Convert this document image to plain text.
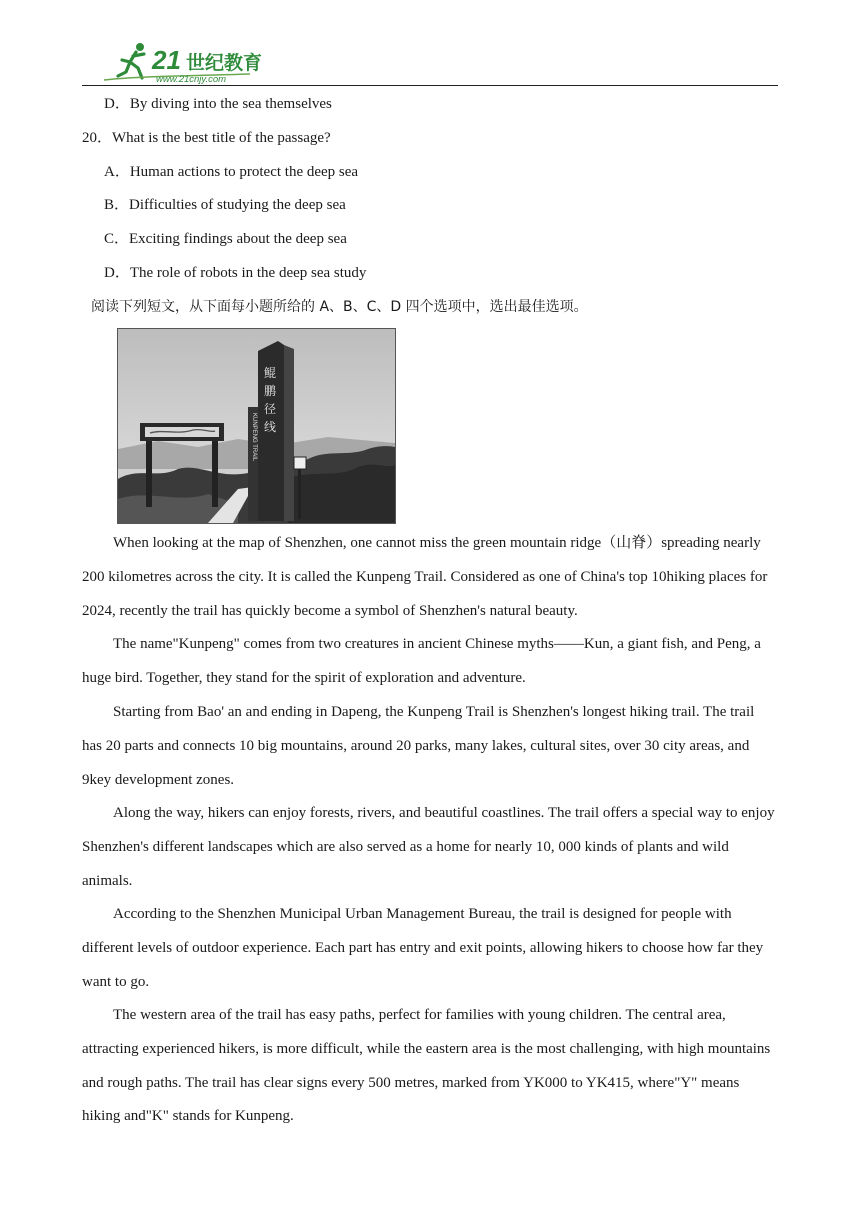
21 世纪教育
www.21cnjy.com
D．By diving into the sea themselves
20．What is the best title of the passage?
A．Human actions to protect the deep sea
B．Difficulties of studying the deep sea
C．Exciting findings about the deep sea
D．The role of robots in the deep sea study
阅读下列短文，从下面每小题所给的 A、B、C、D 四个选项中，选出最佳选项。
鲲 鹏 径 线
KUNPENG TRAIL

When looking at the map of Shenzhen, one cannot miss the green mountain ridge（山脊）spreading nearly 200 kilometres across the city. It is called the Kunpeng Trail. Considered as one of China's top 10hiking places for 2024, recently the trail has quickly become a symbol of Shenzhen's natural beauty.

The name"Kunpeng" comes from two creatures in ancient Chinese myths——Kun, a giant fish, and Peng, a huge bird. Together, they stand for the spirit of exploration and adventure.

Starting from Bao' an and ending in Dapeng, the Kunpeng Trail is Shenzhen's longest hiking trail. The trail has 20 parts and connects 10 big mountains, around 20 parks, many lakes, cultural sites, over 30 city areas, and 9key development zones.

Along the way, hikers can enjoy forests, rivers, and beautiful coastlines. The trail offers a special way to enjoy Shenzhen's different landscapes which are also served as a home for nearly 10, 000 kinds of plants and wild animals.

According to the Shenzhen Municipal Urban Management Bureau, the trail is designed for people with different levels of outdoor experience. Each part has entry and exit points, allowing hikers to choose how far they want to go.

The western area of the trail has easy paths, perfect for families with young children. The central area, attracting experienced hikers, is more difficult, while the eastern area is the most challenging, with high mountains and rough paths. The trail has clear signs every 500 metres, marked from YK000 to YK415, where"Y" means hiking and"K" stands for Kunpeng.
